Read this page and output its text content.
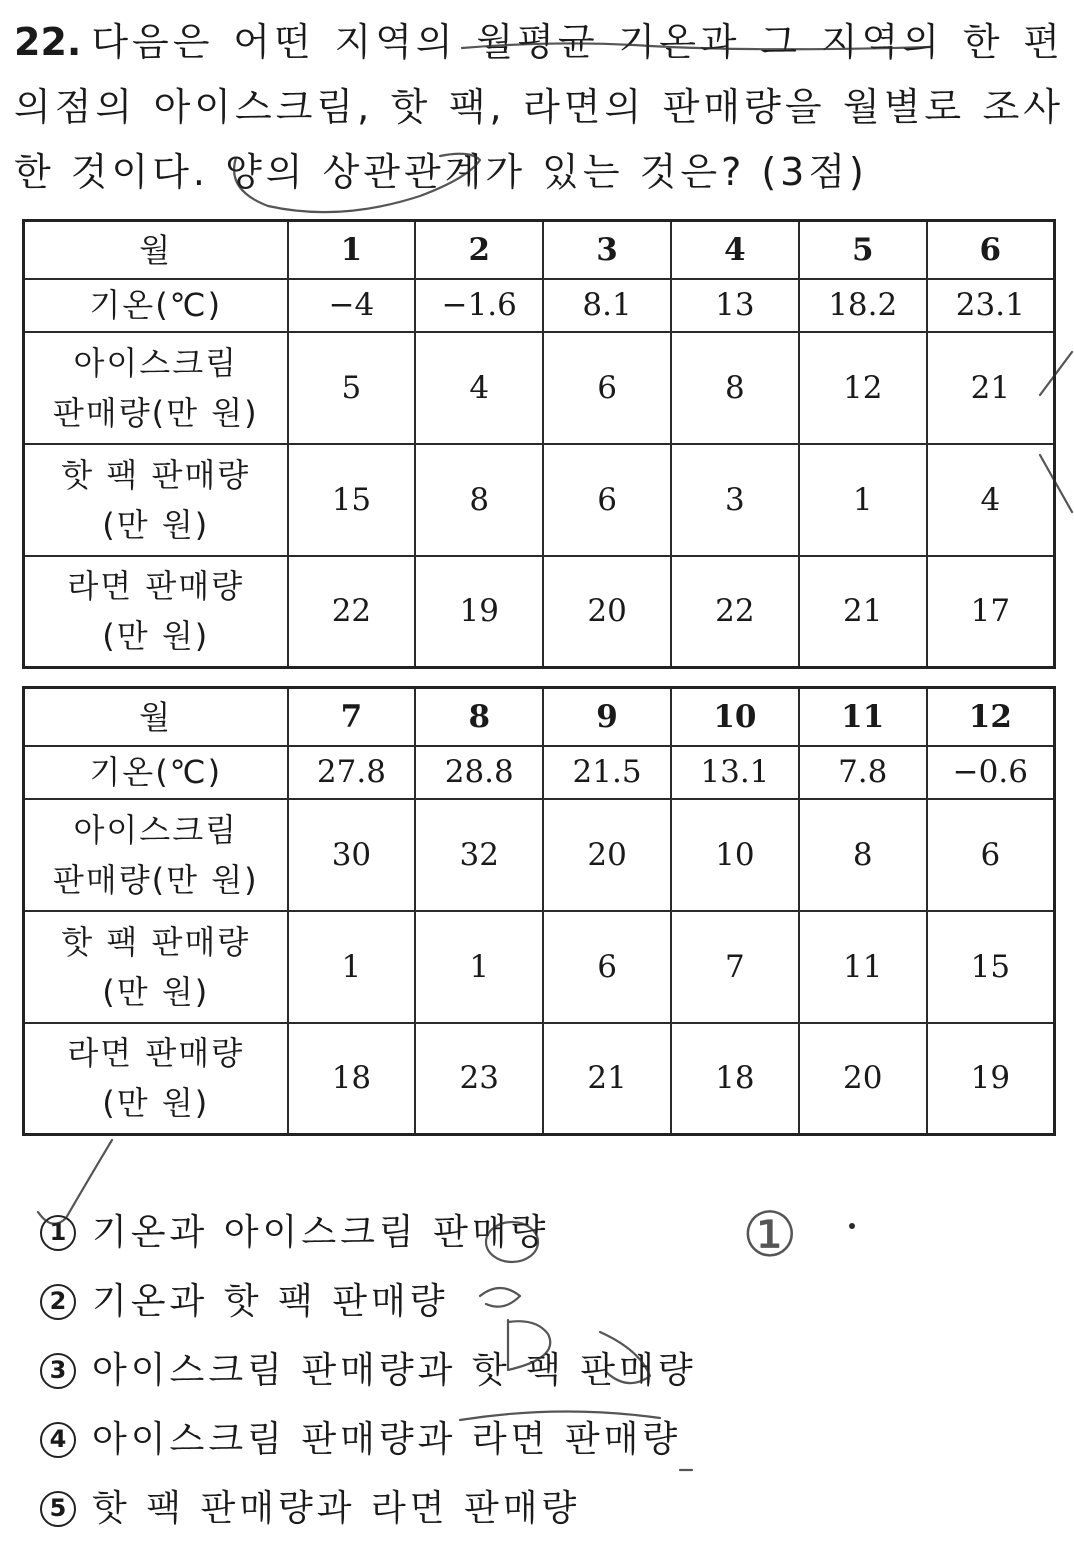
22. 다음은 어떤 지역의 월평균 기온과 그 지역의 한 편의점의 아이스크림, 핫 팩, 라면의 판매량을 월별로 조사한 것이다. 양의 상관관계가 있는 것은? (3점)
월	1	2	3	4	5	6
기온(℃)	−4	−1.6	8.1	13	18.2	23.1

아이스크림
판매량(만 원)	5	4	6	8	12	21

핫 팩 판매량
(만 원)	15	8	6	3	1	4

라면 판매량
(만 원)	22	19	20	22	21	17
월	7	8	9	10	11	12
기온(℃)	27.8	28.8	21.5	13.1	7.8	−0.6

아이스크림
판매량(만 원)	30	32	20	10	8	6

핫 팩 판매량
(만 원)	1	1	6	7	11	15

라면 판매량
(만 원)	18	23	21	18	20	19
1 기온과 아이스크림 판매량
2 기온과 핫 팩 판매량
3 아이스크림 판매량과 핫 팩 판매량
4 아이스크림 판매량과 라면 판매량
5 핫 팩 판매량과 라면 판매량
①
